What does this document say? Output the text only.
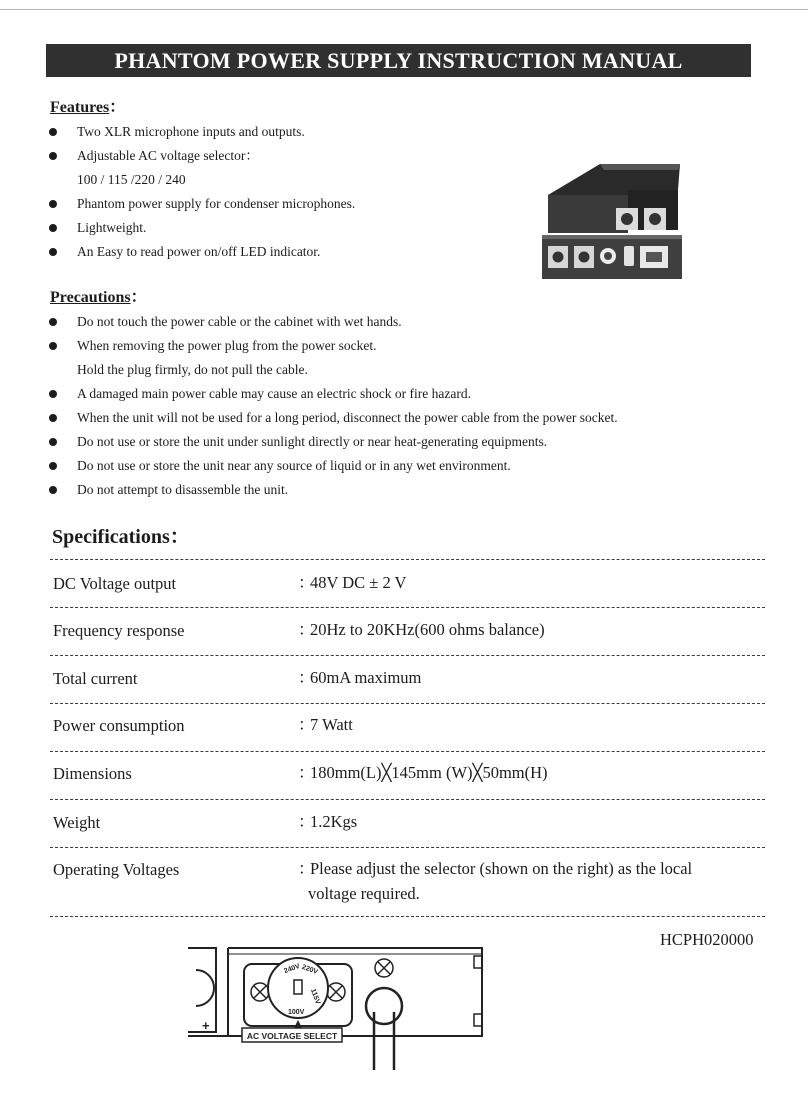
PHANTOM POWER SUPPLY INSTRUCTION MANUAL
Features：
Two XLR microphone inputs and outputs.
Adjustable AC voltage selector：
100 / 115 /220 / 240
Phantom power supply for condenser microphones.
Lightweight.
An Easy to read power on/off LED indicator.
Precautions：
Do not touch the power cable or the cabinet with wet hands.
When removing the power plug from the power socket.
Hold the plug firmly, do not pull the cable.
A damaged main power cable may cause an electric shock or fire hazard.
When the unit will not be used for a long period, disconnect the power cable from the power socket.
Do not use or store the unit under sunlight directly or near heat-generating equipments.
Do not use or store the unit near any source of liquid or in any wet environment.
Do not attempt to disassemble the unit.
Specifications：
DC Voltage output	：48V DC ± 2 V
Frequency response	：20Hz to 20KHz(600 ohms balance)
Total current	：60mA maximum
Power consumption	：7 Watt
Dimensions	：180mm(L)╳145mm (W)╳50mm(H)
Weight	：1.2Kgs
Operating Voltages	：Please adjust the selector (shown on the right) as the local
voltage required.
HCPH020000
+
240V 220V
115V
100V
AC VOLTAGE SELECT
